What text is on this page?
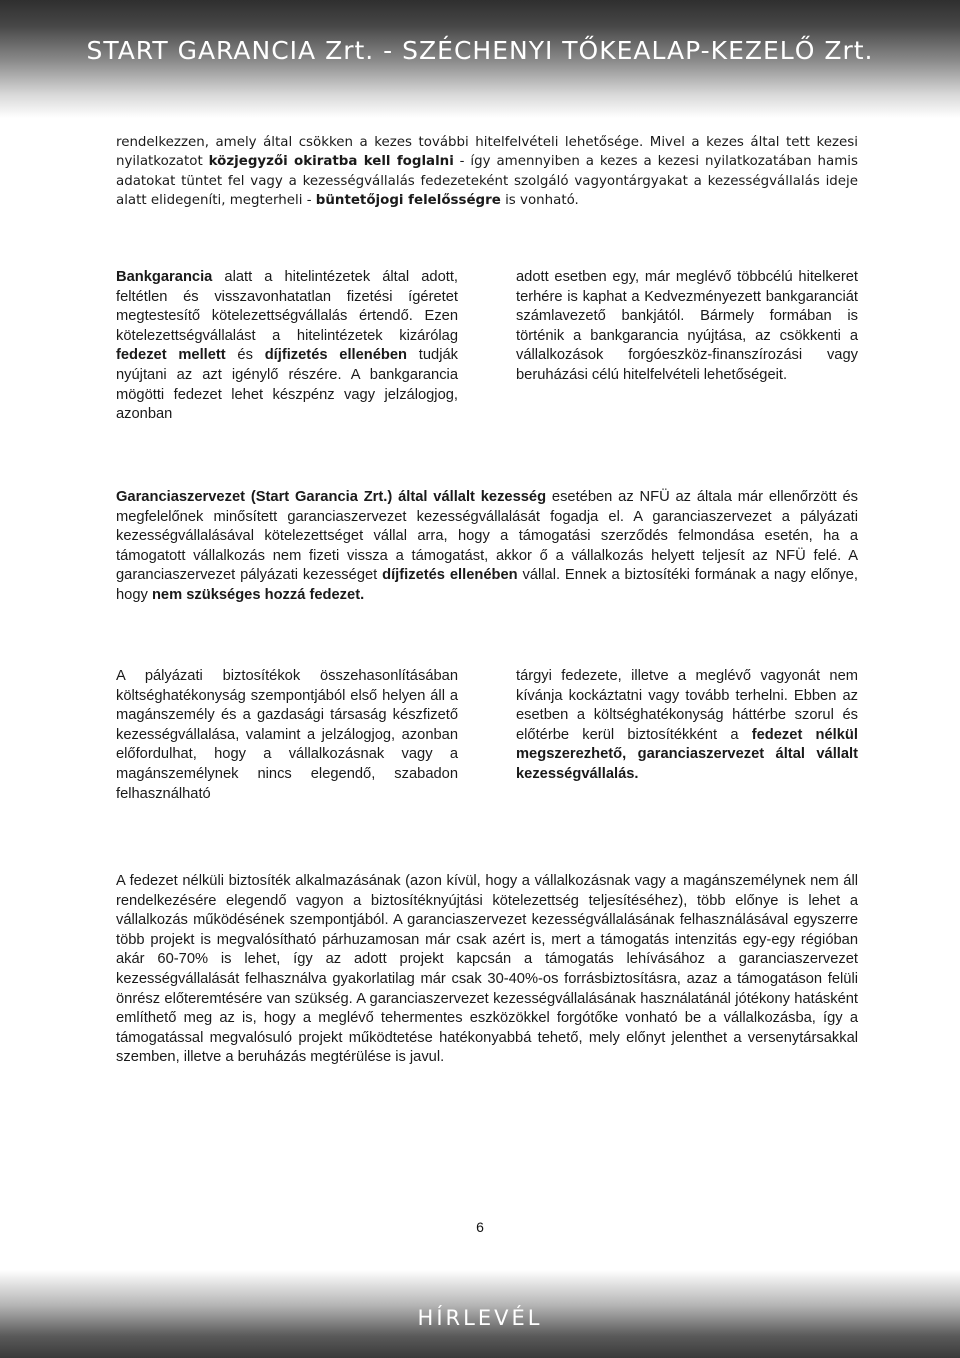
START GARANCIA Zrt. - SZÉCHENYI TŐKEALAP-KEZELŐ Zrt.

rendelkezzen, amely által csökken a kezes további hitelfelvételi lehetősége. Mivel a kezes által tett kezesi nyilatkozatot közjegyzői okiratba kell foglalni - így amennyiben a kezes a kezesi nyilatkozatában hamis adatokat tüntet fel vagy a kezességvállalás fedezeteként szolgáló vagyontárgyakat a kezességvállalás ideje alatt elidegeníti, megterheli - büntetőjogi felelősségre is vonható.

Bankgarancia alatt a hitelintézetek által adott, feltétlen és visszavonhatatlan fizetési ígéretet megtestesítő kötelezettségvállalás értendő. Ezen kötelezettségvállalást a hitelintézetek kizárólag fedezet mellett és díjfizetés ellenében tudják nyújtani az azt igénylő részére. A bankgarancia mögötti fedezet lehet készpénz vagy jelzálogjog, azonban

adott esetben egy, már meglévő többcélú hitelkeret terhére is kaphat a Kedvezményezett bankgaranciát számlavezető bankjától. Bármely formában is történik a bankgarancia nyújtása, az csökkenti a vállalkozások forgóeszköz-finanszírozási vagy beruházási célú hitelfelvételi lehetőségeit.

Garanciaszervezet (Start Garancia Zrt.) által vállalt kezesség esetében az NFÜ az általa már ellenőrzött és megfelelőnek minősített garanciaszervezet kezességvállalását fogadja el. A garanciaszervezet a pályázati kezességvállalásával kötelezettséget vállal arra, hogy a támogatási szerződés felmondása esetén, ha a támogatott vállalkozás nem fizeti vissza a támogatást, akkor ő a vállalkozás helyett teljesít az NFÜ felé. A garanciaszervezet pályázati kezességet díjfizetés ellenében vállal. Ennek a biztosítéki formának a nagy előnye, hogy nem szükséges hozzá fedezet.

A pályázati biztosítékok összehasonlításában költséghatékonyság szempontjából első helyen áll a magánszemély és a gazdasági társaság készfizető kezességvállalása, valamint a jelzálogjog, azonban előfordulhat, hogy a vállalkozásnak vagy a magánszemélynek nincs elegendő, szabadon felhasználható

tárgyi fedezete, illetve a meglévő vagyonát nem kívánja kockáztatni vagy tovább terhelni. Ebben az esetben a költséghatékonyság háttérbe szorul és előtérbe kerül biztosítékként a fedezet nélkül megszerezhető, garanciaszervezet által vállalt kezességvállalás.

A fedezet nélküli biztosíték alkalmazásának (azon kívül, hogy a vállalkozásnak vagy a magánszemélynek nem áll rendelkezésére elegendő vagyon a biztosítéknyújtási kötelezettség teljesítéséhez), több előnye is lehet a vállalkozás működésének szempontjából. A garanciaszervezet kezességvállalásának felhasználásával egyszerre több projekt is megvalósítható párhuzamosan már csak azért is, mert a támogatás intenzitás egy-egy régióban akár 60-70% is lehet, így az adott projekt kapcsán a támogatás lehívásához a garanciaszervezet kezességvállalását felhasználva gyakorlatilag már csak 30-40%-os forrásbiztosításra, azaz a támogatáson felüli önrész előteremtésére van szükség. A garanciaszervezet kezességvállalásának használatánál jótékony hatásként említhető meg az is, hogy a meglévő tehermentes eszközökkel forgótőke vonható be a vállalkozásba, így a támogatással megvalósuló projekt működtetése hatékonyabbá tehető, mely előnyt jelenthet a versenytársakkal szemben, illetve a beruházás megtérülése is javul.

6
HÍRLEVÉL
